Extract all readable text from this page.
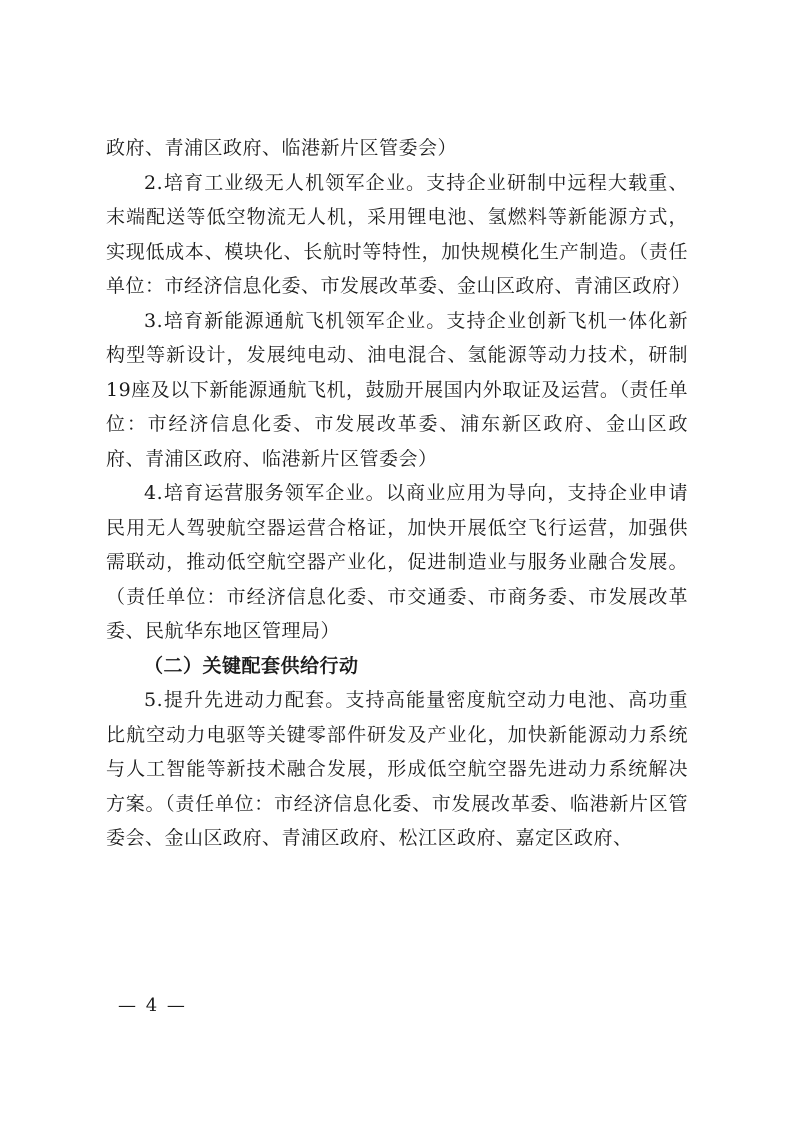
政府、青浦区政府、临港新片区管委会）

2.培育工业级无人机领军企业。支持企业研制中远程大载重、末端配送等低空物流无人机，采用锂电池、氢燃料等新能源方式，实现低成本、模块化、长航时等特性，加快规模化生产制造。（责任单位：市经济信息化委、市发展改革委、金山区政府、青浦区政府）

3.培育新能源通航飞机领军企业。支持企业创新飞机一体化新构型等新设计，发展纯电动、油电混合、氢能源等动力技术，研制19座及以下新能源通航飞机，鼓励开展国内外取证及运营。（责任单位：市经济信息化委、市发展改革委、浦东新区政府、金山区政府、青浦区政府、临港新片区管委会）

4.培育运营服务领军企业。以商业应用为导向，支持企业申请民用无人驾驶航空器运营合格证，加快开展低空飞行运营，加强供需联动，推动低空航空器产业化，促进制造业与服务业融合发展。（责任单位：市经济信息化委、市交通委、市商务委、市发展改革委、民航华东地区管理局）

（二）关键配套供给行动

5.提升先进动力配套。支持高能量密度航空动力电池、高功重比航空动力电驱等关键零部件研发及产业化，加快新能源动力系统与人工智能等新技术融合发展，形成低空航空器先进动力系统解决方案。（责任单位：市经济信息化委、市发展改革委、临港新片区管委会、金山区政府、青浦区政府、松江区政府、嘉定区政府、

— 4 —
